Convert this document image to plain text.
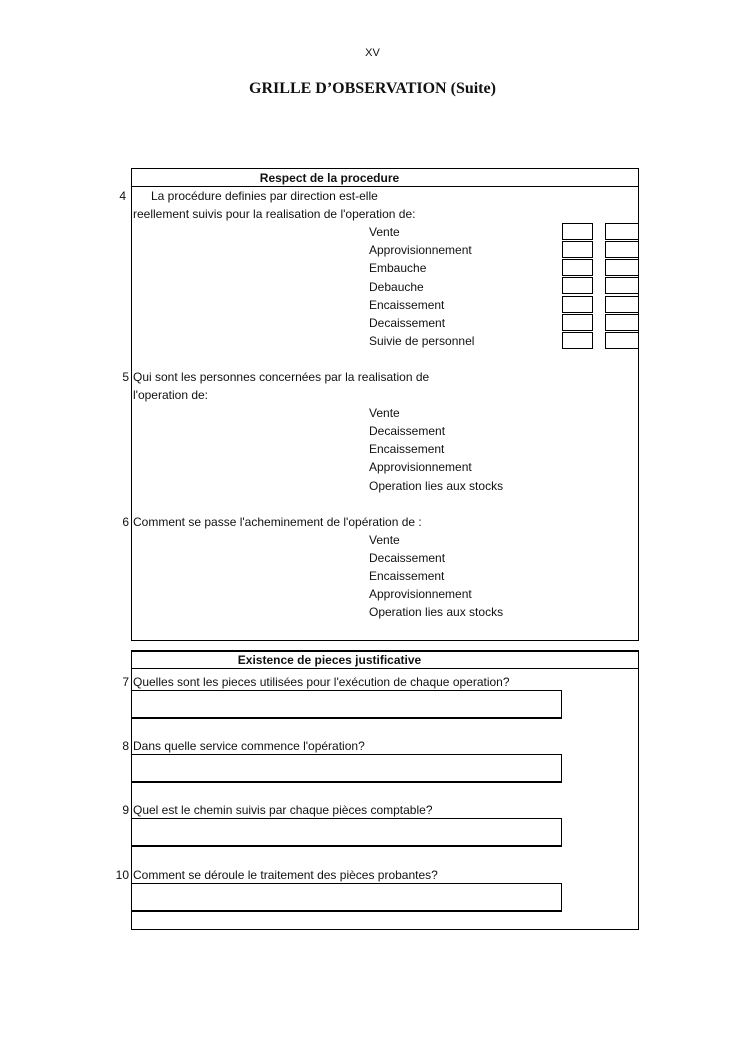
XV
GRILLE D’OBSERVATION (Suite)
Respect de la procedure
4 La procédure definies par direction est-elle
reellement suivis pour la realisation de l'operation de:
Vente
Approvisionnement
Embauche
Debauche
Encaissement
Decaissement
Suivie de personnel
5 Qui sont les personnes concernées par la realisation de
l'operation de:
Vente
Decaissement
Encaissement
Approvisionnement
Operation lies aux stocks
6 Comment se passe l'acheminement de l'opération de :
Vente
Decaissement
Encaissement
Approvisionnement
Operation lies aux stocks
Existence de pieces justificative
7 Quelles sont les pieces utilisées pour l'exécution de chaque operation?
8 Dans quelle service commence l'opération?
9 Quel est le chemin suivis par chaque pièces comptable?
10 Comment se déroule le traitement des pièces probantes?
